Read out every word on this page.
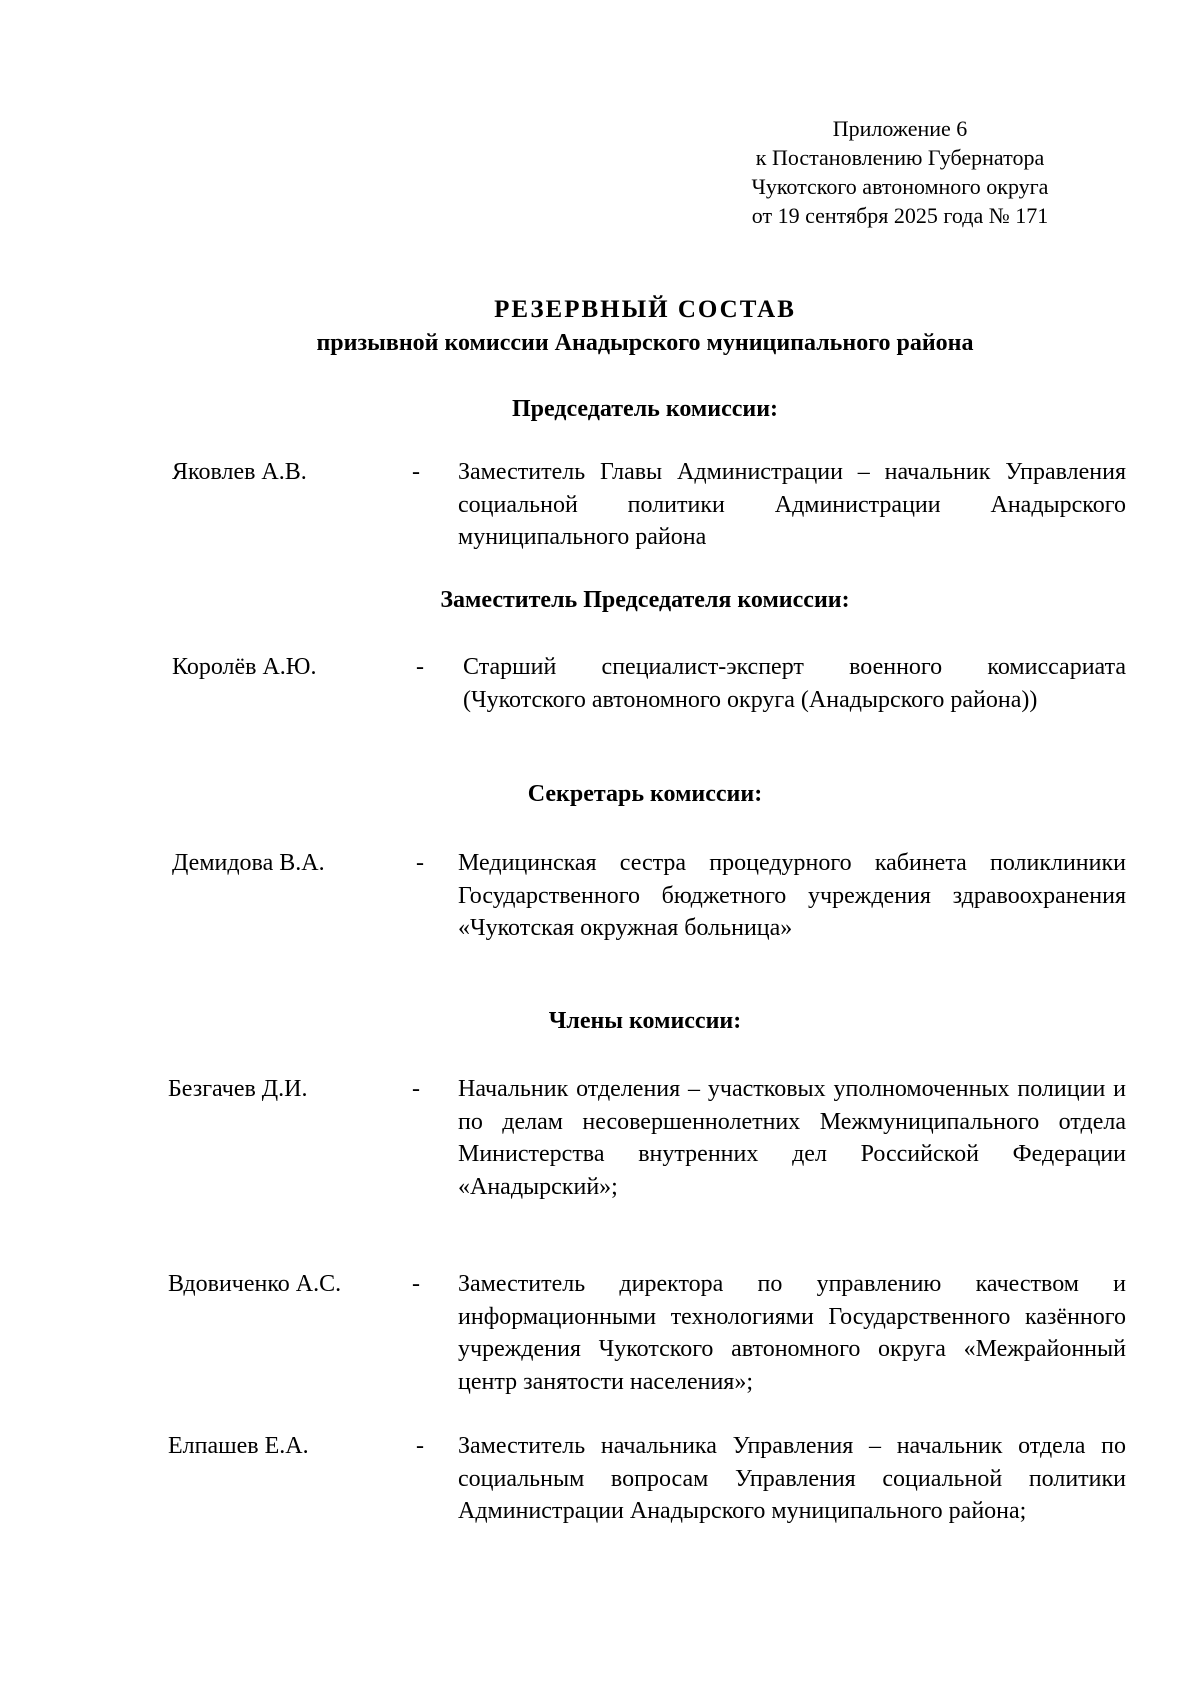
Приложение 6
к Постановлению Губернатора
Чукотского автономного округа
от 19 сентября 2025 года № 171
РЕЗЕРВНЫЙ СОСТАВ
призывной комиссии Анадырского муниципального района
Председатель комиссии:
Яковлев А.В.	- Заместитель Главы Администрации – начальник Управления социальной политики Администрации Анадырского муниципального района
Заместитель Председателя комиссии:
Королёв А.Ю.	- Старший специалист-эксперт военного комиссариата (Чукотского автономного округа (Анадырского района))
Секретарь комиссии:
Демидова В.А.	- Медицинская сестра процедурного кабинета поликлиники Государственного бюджетного учреждения здравоохранения «Чукотская окружная больница»
Члены комиссии:
Безгачев Д.И.	- Начальник отделения – участковых уполномоченных полиции и по делам несовершеннолетних Межмуниципального отдела Министерства внутренних дел Российской Федерации «Анадырский»;
Вдовиченко А.С.	- Заместитель директора по управлению качеством и информационными технологиями Государственного казённого учреждения Чукотского автономного округа «Межрайонный центр занятости населения»;
Елпашев Е.А.	- Заместитель начальника Управления – начальник отдела по социальным вопросам Управления социальной политики Администрации Анадырского муниципального района;
